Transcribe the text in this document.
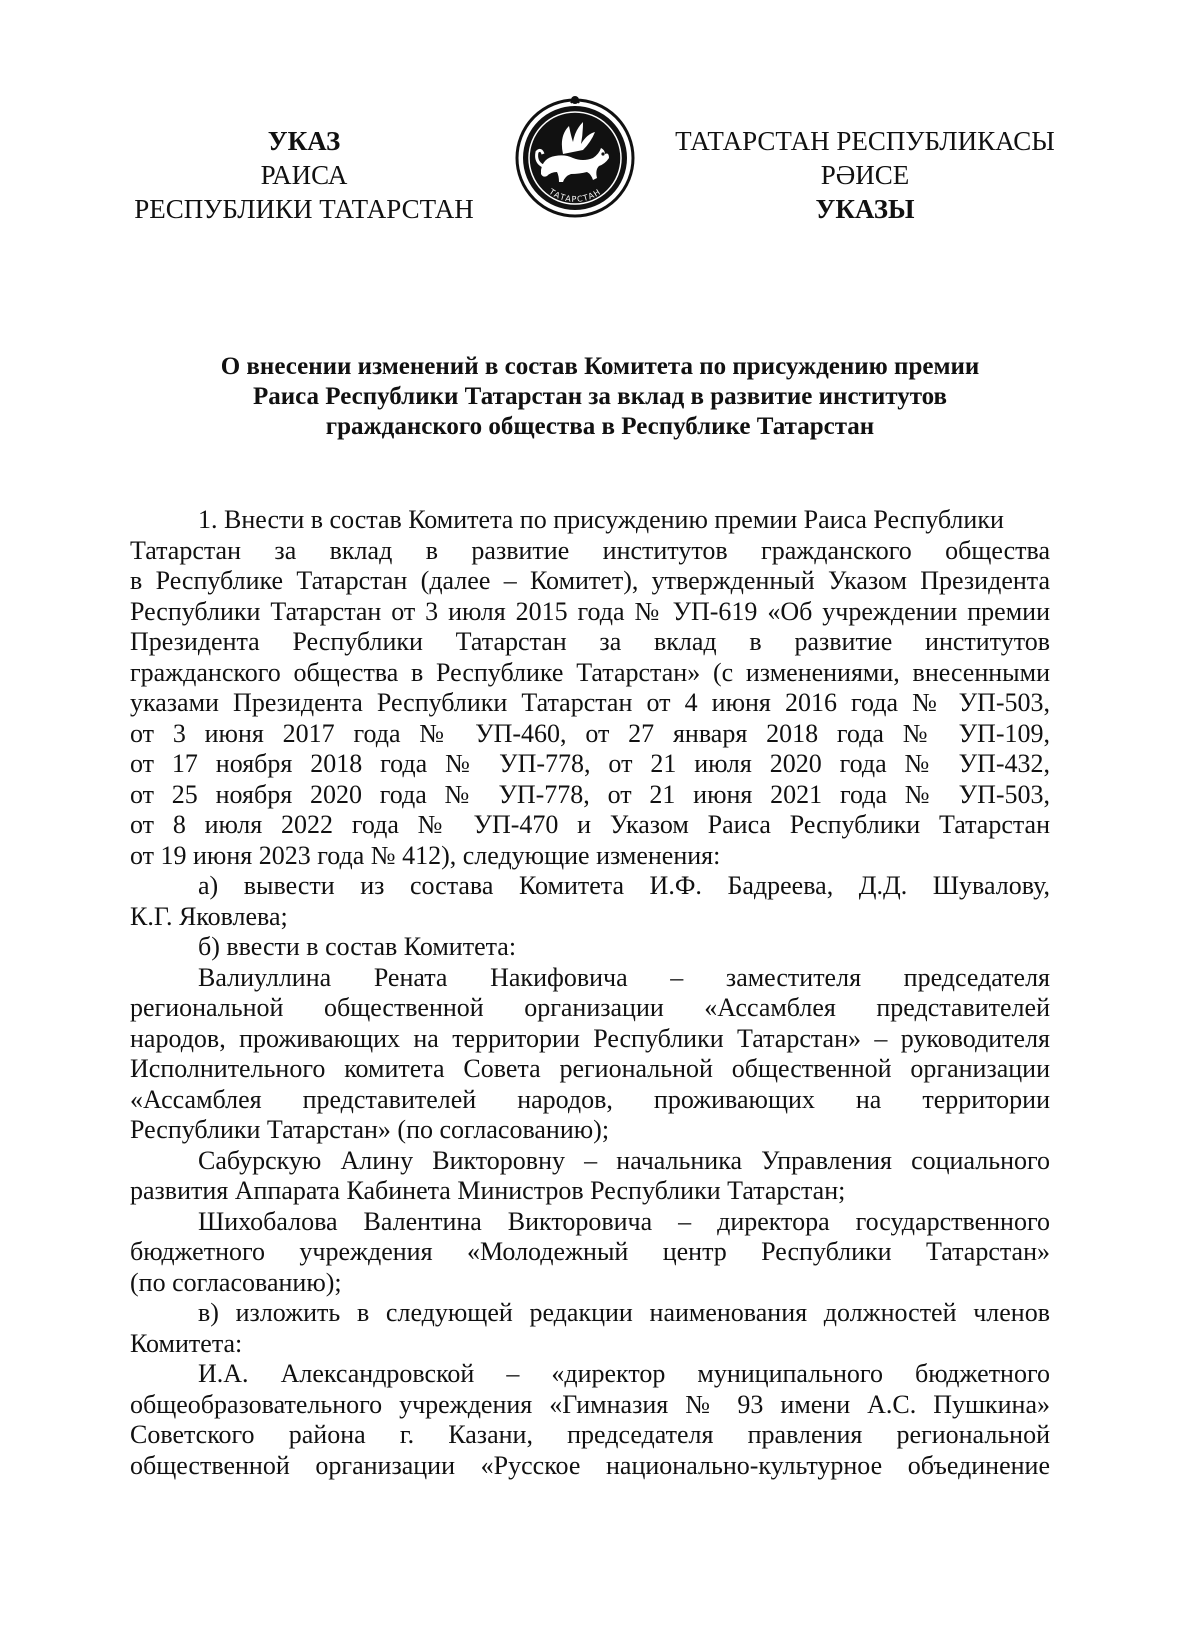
УКАЗ
РАИСА
РЕСПУБЛИКИ ТАТАРСТАН
ТАТАРСТАН
ТАТАРСТАН РЕСПУБЛИКАСЫ
РӘИСЕ
УКАЗЫ
О внесении изменений в состав Комитета по присуждению премии
Раиса Республики Татарстан за вклад в развитие институтов
гражданского общества в Республике Татарстан
1. Внести в состав Комитета по присуждению премии Раиса Республики
Татарстан за вклад в развитие институтов гражданского общества
в Республике Татарстан (далее – Комитет), утвержденный Указом Президента
Республики Татарстан от 3 июля 2015 года № УП-619 «Об учреждении премии
Президента Республики Татарстан за вклад в развитие институтов
гражданского общества в Республике Татарстан» (с изменениями, внесенными
указами Президента Республики Татарстан от 4 июня 2016 года № УП-503,
от 3 июня 2017 года № УП-460, от 27 января 2018 года № УП-109,
от 17 ноября 2018 года № УП-778, от 21 июля 2020 года № УП-432,
от 25 ноября 2020 года № УП-778, от 21 июня 2021 года № УП-503,
от 8 июля 2022 года № УП-470 и Указом Раиса Республики Татарстан
от 19 июня 2023 года № 412), следующие изменения:
а) вывести из состава Комитета И.Ф. Бадреева, Д.Д. Шувалову,
К.Г. Яковлева;
б) ввести в состав Комитета:
Валиуллина Рената Накифовича – заместителя председателя
региональной общественной организации «Ассамблея представителей
народов, проживающих на территории Республики Татарстан» – руководителя
Исполнительного комитета Совета региональной общественной организации
«Ассамблея представителей народов, проживающих на территории
Республики Татарстан» (по согласованию);
Сабурскую Алину Викторовну – начальника Управления социального
развития Аппарата Кабинета Министров Республики Татарстан;
Шихобалова Валентина Викторовича – директора государственного
бюджетного учреждения «Молодежный центр Республики Татарстан»
(по согласованию);
в) изложить в следующей редакции наименования должностей членов
Комитета:
И.А. Александровской – «директор муниципального бюджетного
общеобразовательного учреждения «Гимназия № 93 имени А.С. Пушкина»
Советского района г. Казани, председателя правления региональной
общественной организации «Русское национально-культурное объединение
